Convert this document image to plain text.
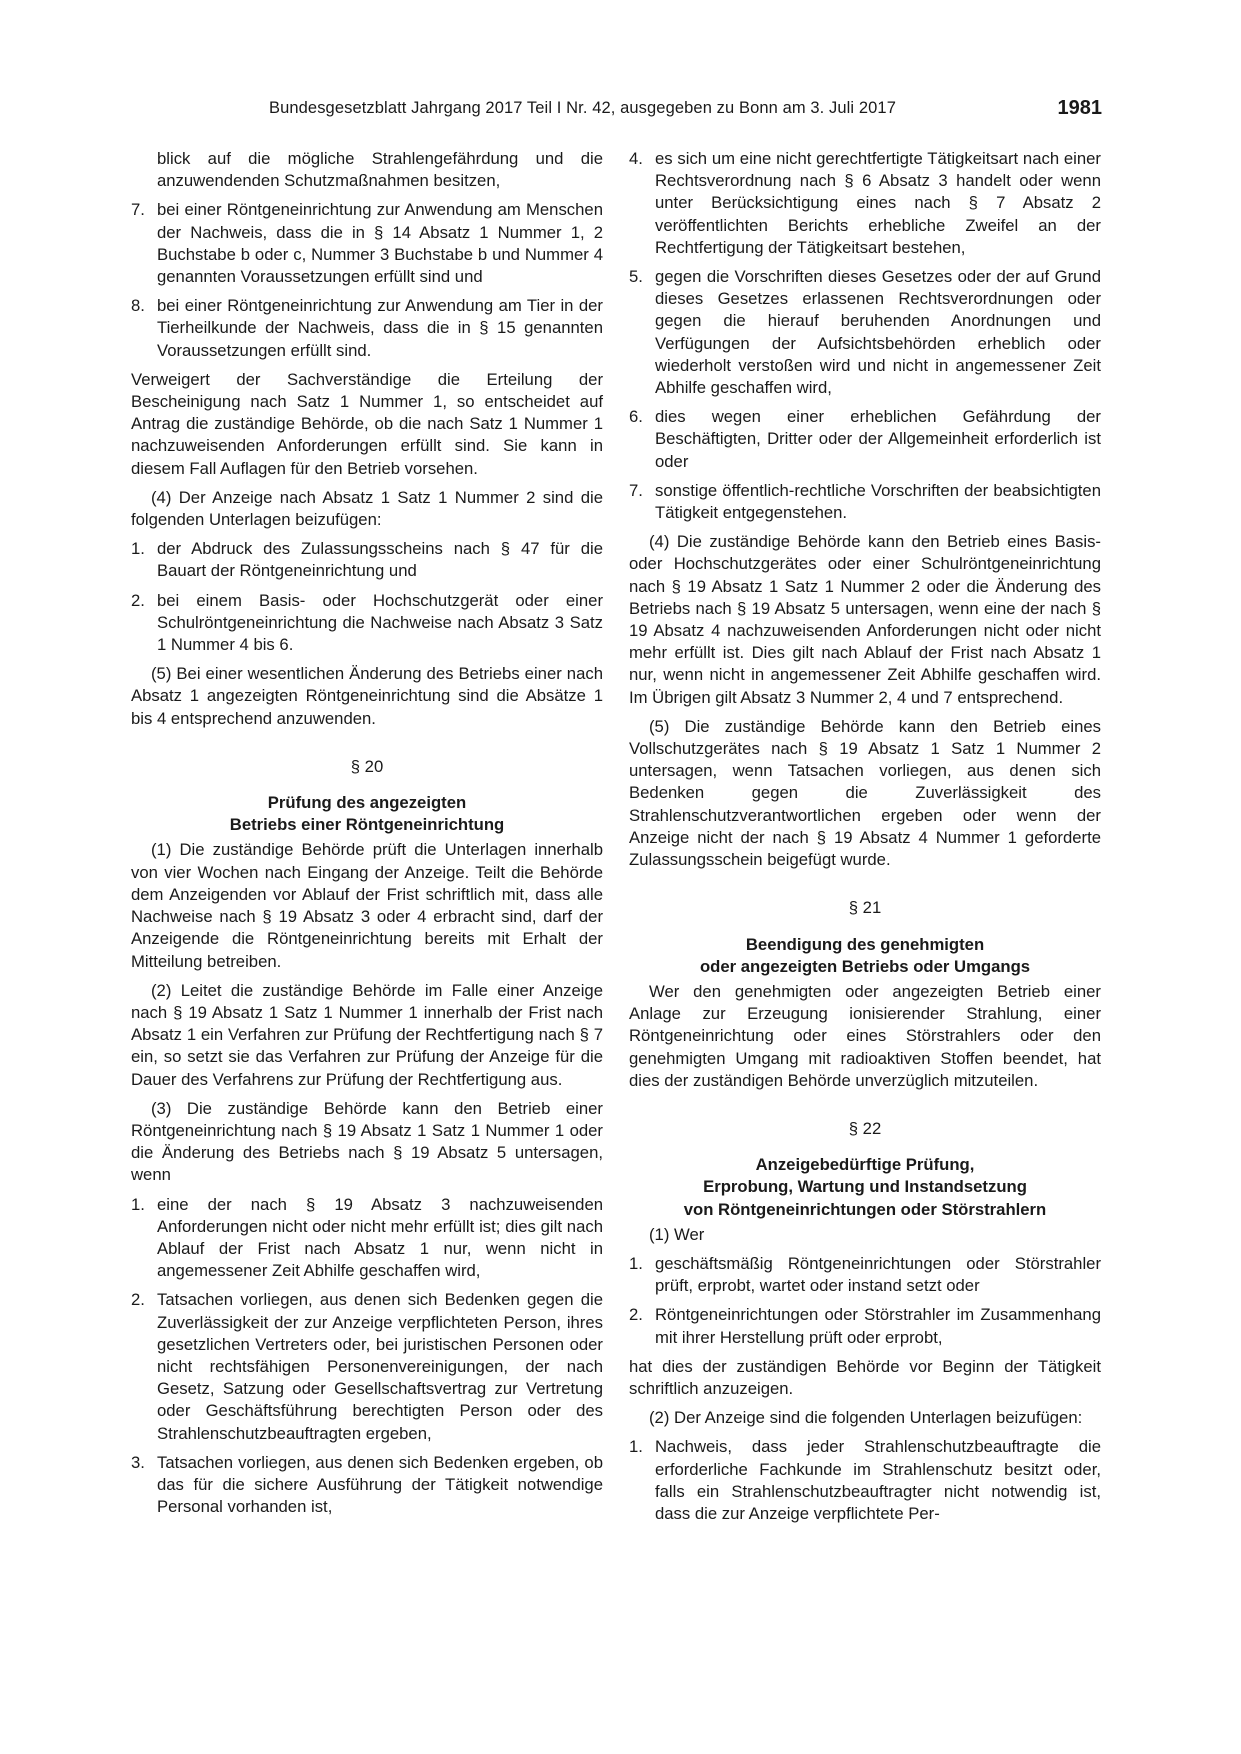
Bundesgesetzblatt Jahrgang 2017 Teil I Nr. 42, ausgegeben zu Bonn am 3. Juli 2017	1981

blick auf die mögliche Strahlengefährdung und die anzuwendenden Schutzmaßnahmen besitzen,

7. bei einer Röntgeneinrichtung zur Anwendung am Menschen der Nachweis, dass die in § 14 Absatz 1 Nummer 1, 2 Buchstabe b oder c, Nummer 3 Buchstabe b und Nummer 4 genannten Voraussetzungen erfüllt sind und
8. bei einer Röntgeneinrichtung zur Anwendung am Tier in der Tierheilkunde der Nachweis, dass die in § 15 genannten Voraussetzungen erfüllt sind.

Verweigert der Sachverständige die Erteilung der Bescheinigung nach Satz 1 Nummer 1, so entscheidet auf Antrag die zuständige Behörde, ob die nach Satz 1 Nummer 1 nachzuweisenden Anforderungen erfüllt sind. Sie kann in diesem Fall Auflagen für den Betrieb vorsehen.

(4) Der Anzeige nach Absatz 1 Satz 1 Nummer 2 sind die folgenden Unterlagen beizufügen:

1. der Abdruck des Zulassungsscheins nach § 47 für die Bauart der Röntgeneinrichtung und
2. bei einem Basis- oder Hochschutzgerät oder einer Schulröntgeneinrichtung die Nachweise nach Absatz 3 Satz 1 Nummer 4 bis 6.

(5) Bei einer wesentlichen Änderung des Betriebs einer nach Absatz 1 angezeigten Röntgeneinrichtung sind die Absätze 1 bis 4 entsprechend anzuwenden.

§ 20
Prüfung des angezeigten
Betriebs einer Röntgeneinrichtung

(1) Die zuständige Behörde prüft die Unterlagen innerhalb von vier Wochen nach Eingang der Anzeige. Teilt die Behörde dem Anzeigenden vor Ablauf der Frist schriftlich mit, dass alle Nachweise nach § 19 Absatz 3 oder 4 erbracht sind, darf der Anzeigende die Röntgeneinrichtung bereits mit Erhalt der Mitteilung betreiben.

(2) Leitet die zuständige Behörde im Falle einer Anzeige nach § 19 Absatz 1 Satz 1 Nummer 1 innerhalb der Frist nach Absatz 1 ein Verfahren zur Prüfung der Rechtfertigung nach § 7 ein, so setzt sie das Verfahren zur Prüfung der Anzeige für die Dauer des Verfahrens zur Prüfung der Rechtfertigung aus.

(3) Die zuständige Behörde kann den Betrieb einer Röntgeneinrichtung nach § 19 Absatz 1 Satz 1 Nummer 1 oder die Änderung des Betriebs nach § 19 Absatz 5 untersagen, wenn

1. eine der nach § 19 Absatz 3 nachzuweisenden Anforderungen nicht oder nicht mehr erfüllt ist; dies gilt nach Ablauf der Frist nach Absatz 1 nur, wenn nicht in angemessener Zeit Abhilfe geschaffen wird,
2. Tatsachen vorliegen, aus denen sich Bedenken gegen die Zuverlässigkeit der zur Anzeige verpflichteten Person, ihres gesetzlichen Vertreters oder, bei juristischen Personen oder nicht rechtsfähigen Personenvereinigungen, der nach Gesetz, Satzung oder Gesellschaftsvertrag zur Vertretung oder Geschäftsführung berechtigten Person oder des Strahlenschutzbeauftragten ergeben,
3. Tatsachen vorliegen, aus denen sich Bedenken ergeben, ob das für die sichere Ausführung der Tätigkeit notwendige Personal vorhanden ist,
4. es sich um eine nicht gerechtfertigte Tätigkeitsart nach einer Rechtsverordnung nach § 6 Absatz 3 handelt oder wenn unter Berücksichtigung eines nach § 7 Absatz 2 veröffentlichten Berichts erhebliche Zweifel an der Rechtfertigung der Tätigkeitsart bestehen,
5. gegen die Vorschriften dieses Gesetzes oder der auf Grund dieses Gesetzes erlassenen Rechtsverordnungen oder gegen die hierauf beruhenden Anordnungen und Verfügungen der Aufsichtsbehörden erheblich oder wiederholt verstoßen wird und nicht in angemessener Zeit Abhilfe geschaffen wird,
6. dies wegen einer erheblichen Gefährdung der Beschäftigten, Dritter oder der Allgemeinheit erforderlich ist oder
7. sonstige öffentlich-rechtliche Vorschriften der beabsichtigten Tätigkeit entgegenstehen.

(4) Die zuständige Behörde kann den Betrieb eines Basis- oder Hochschutzgerätes oder einer Schulröntgeneinrichtung nach § 19 Absatz 1 Satz 1 Nummer 2 oder die Änderung des Betriebs nach § 19 Absatz 5 untersagen, wenn eine der nach § 19 Absatz 4 nachzuweisenden Anforderungen nicht oder nicht mehr erfüllt ist. Dies gilt nach Ablauf der Frist nach Absatz 1 nur, wenn nicht in angemessener Zeit Abhilfe geschaffen wird. Im Übrigen gilt Absatz 3 Nummer 2, 4 und 7 entsprechend.

(5) Die zuständige Behörde kann den Betrieb eines Vollschutzgerätes nach § 19 Absatz 1 Satz 1 Nummer 2 untersagen, wenn Tatsachen vorliegen, aus denen sich Bedenken gegen die Zuverlässigkeit des Strahlenschutzverantwortlichen ergeben oder wenn der Anzeige nicht der nach § 19 Absatz 4 Nummer 1 geforderte Zulassungsschein beigefügt wurde.

§ 21
Beendigung des genehmigten
oder angezeigten Betriebs oder Umgangs

Wer den genehmigten oder angezeigten Betrieb einer Anlage zur Erzeugung ionisierender Strahlung, einer Röntgeneinrichtung oder eines Störstrahlers oder den genehmigten Umgang mit radioaktiven Stoffen beendet, hat dies der zuständigen Behörde unverzüglich mitzuteilen.

§ 22
Anzeigebedürftige Prüfung,
Erprobung, Wartung und Instandsetzung
von Röntgeneinrichtungen oder Störstrahlern

(1) Wer

1. geschäftsmäßig Röntgeneinrichtungen oder Störstrahler prüft, erprobt, wartet oder instand setzt oder
2. Röntgeneinrichtungen oder Störstrahler im Zusammenhang mit ihrer Herstellung prüft oder erprobt,

hat dies der zuständigen Behörde vor Beginn der Tätigkeit schriftlich anzuzeigen.

(2) Der Anzeige sind die folgenden Unterlagen beizufügen:

1. Nachweis, dass jeder Strahlenschutzbeauftragte die erforderliche Fachkunde im Strahlenschutz besitzt oder, falls ein Strahlenschutzbeauftragter nicht notwendig ist, dass die zur Anzeige verpflichtete Per-
